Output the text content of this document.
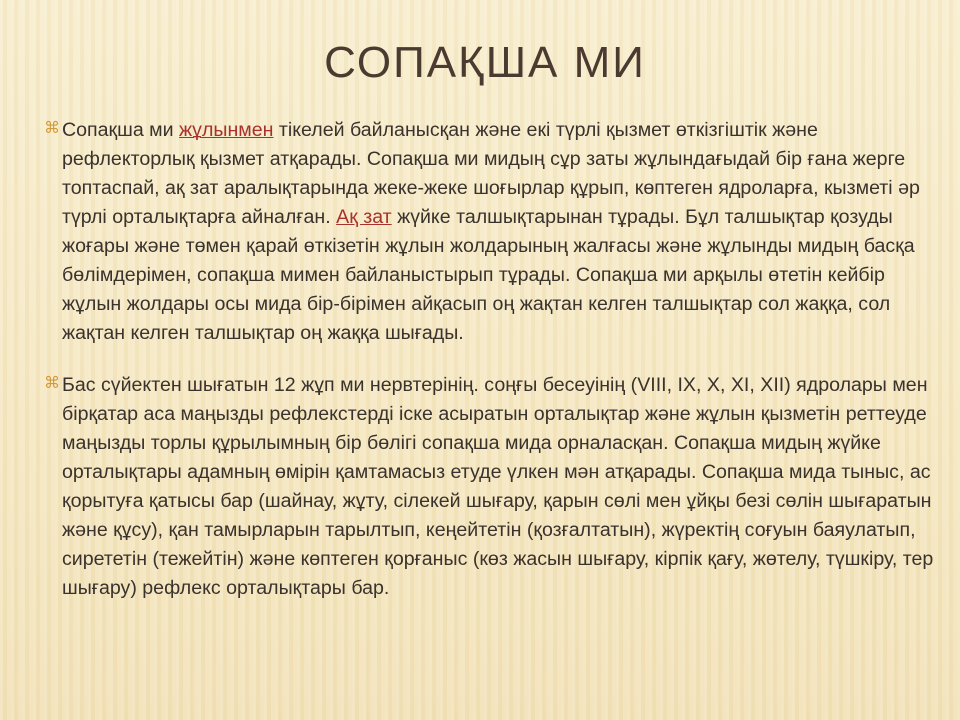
СОПАҚША МИ
⌘ Сопақша ми жұлынмен тікелей байланысқан және екі түрлі қызмет өткізгіштік және рефлекторлық қызмет атқарады. Сопақша ми мидың сұр заты жұлындағыдай бір ғана жерге топтаспай, ақ зат аралықтарында жеке-жеке шоғырлар құрып, көптеген ядроларға, кызметі әр түрлі орталықтарға айналған. Ақ зат жүйке талшықтарынан тұрады. Бұл талшықтар қозуды жоғары және төмен қарай өткізетін жұлын жолдарының жалғасы және жұлынды мидың басқа бөлімдерімен, сопақша мимен байланыстырып тұрады. Сопақша ми арқылы өтетін кейбір жұлын жолдары осы мида бір-бірімен айқасып оң жақтан келген талшықтар сол жаққа, сол жақтан келген талшықтар оң жаққа шығады.
⌘ Бас сүйектен шығатын 12 жұп ми нервтерінің. соңғы бесеуінің (VIII, IX, X, XI, XII) ядролары мен бірқатар аса маңызды рефлекстерді іске асыратын орталықтар және жұлын қызметін реттеуде маңызды торлы құрылымның бір бөлігі сопақша мида орналасқан. Сопақша мидың жүйке орталықтары адамның өмірін қамтамасыз етуде үлкен мән атқарады. Сопақша мида тыныс, ас қорытуға қатысы бар (шайнау, жұту, сілекей шығару, қарын сөлі мен ұйқы безі сөлін шығаратын және құсу), қан тамырларын тарылтып, кеңейтетін (қозғалтатын), жүректің соғуын баяулатып, сирететін (тежейтін) және көптеген қорғаныс (көз жасын шығару, кірпік қағу, жөтелу, түшкіру, тер шығару) рефлекс орталықтары бар.
